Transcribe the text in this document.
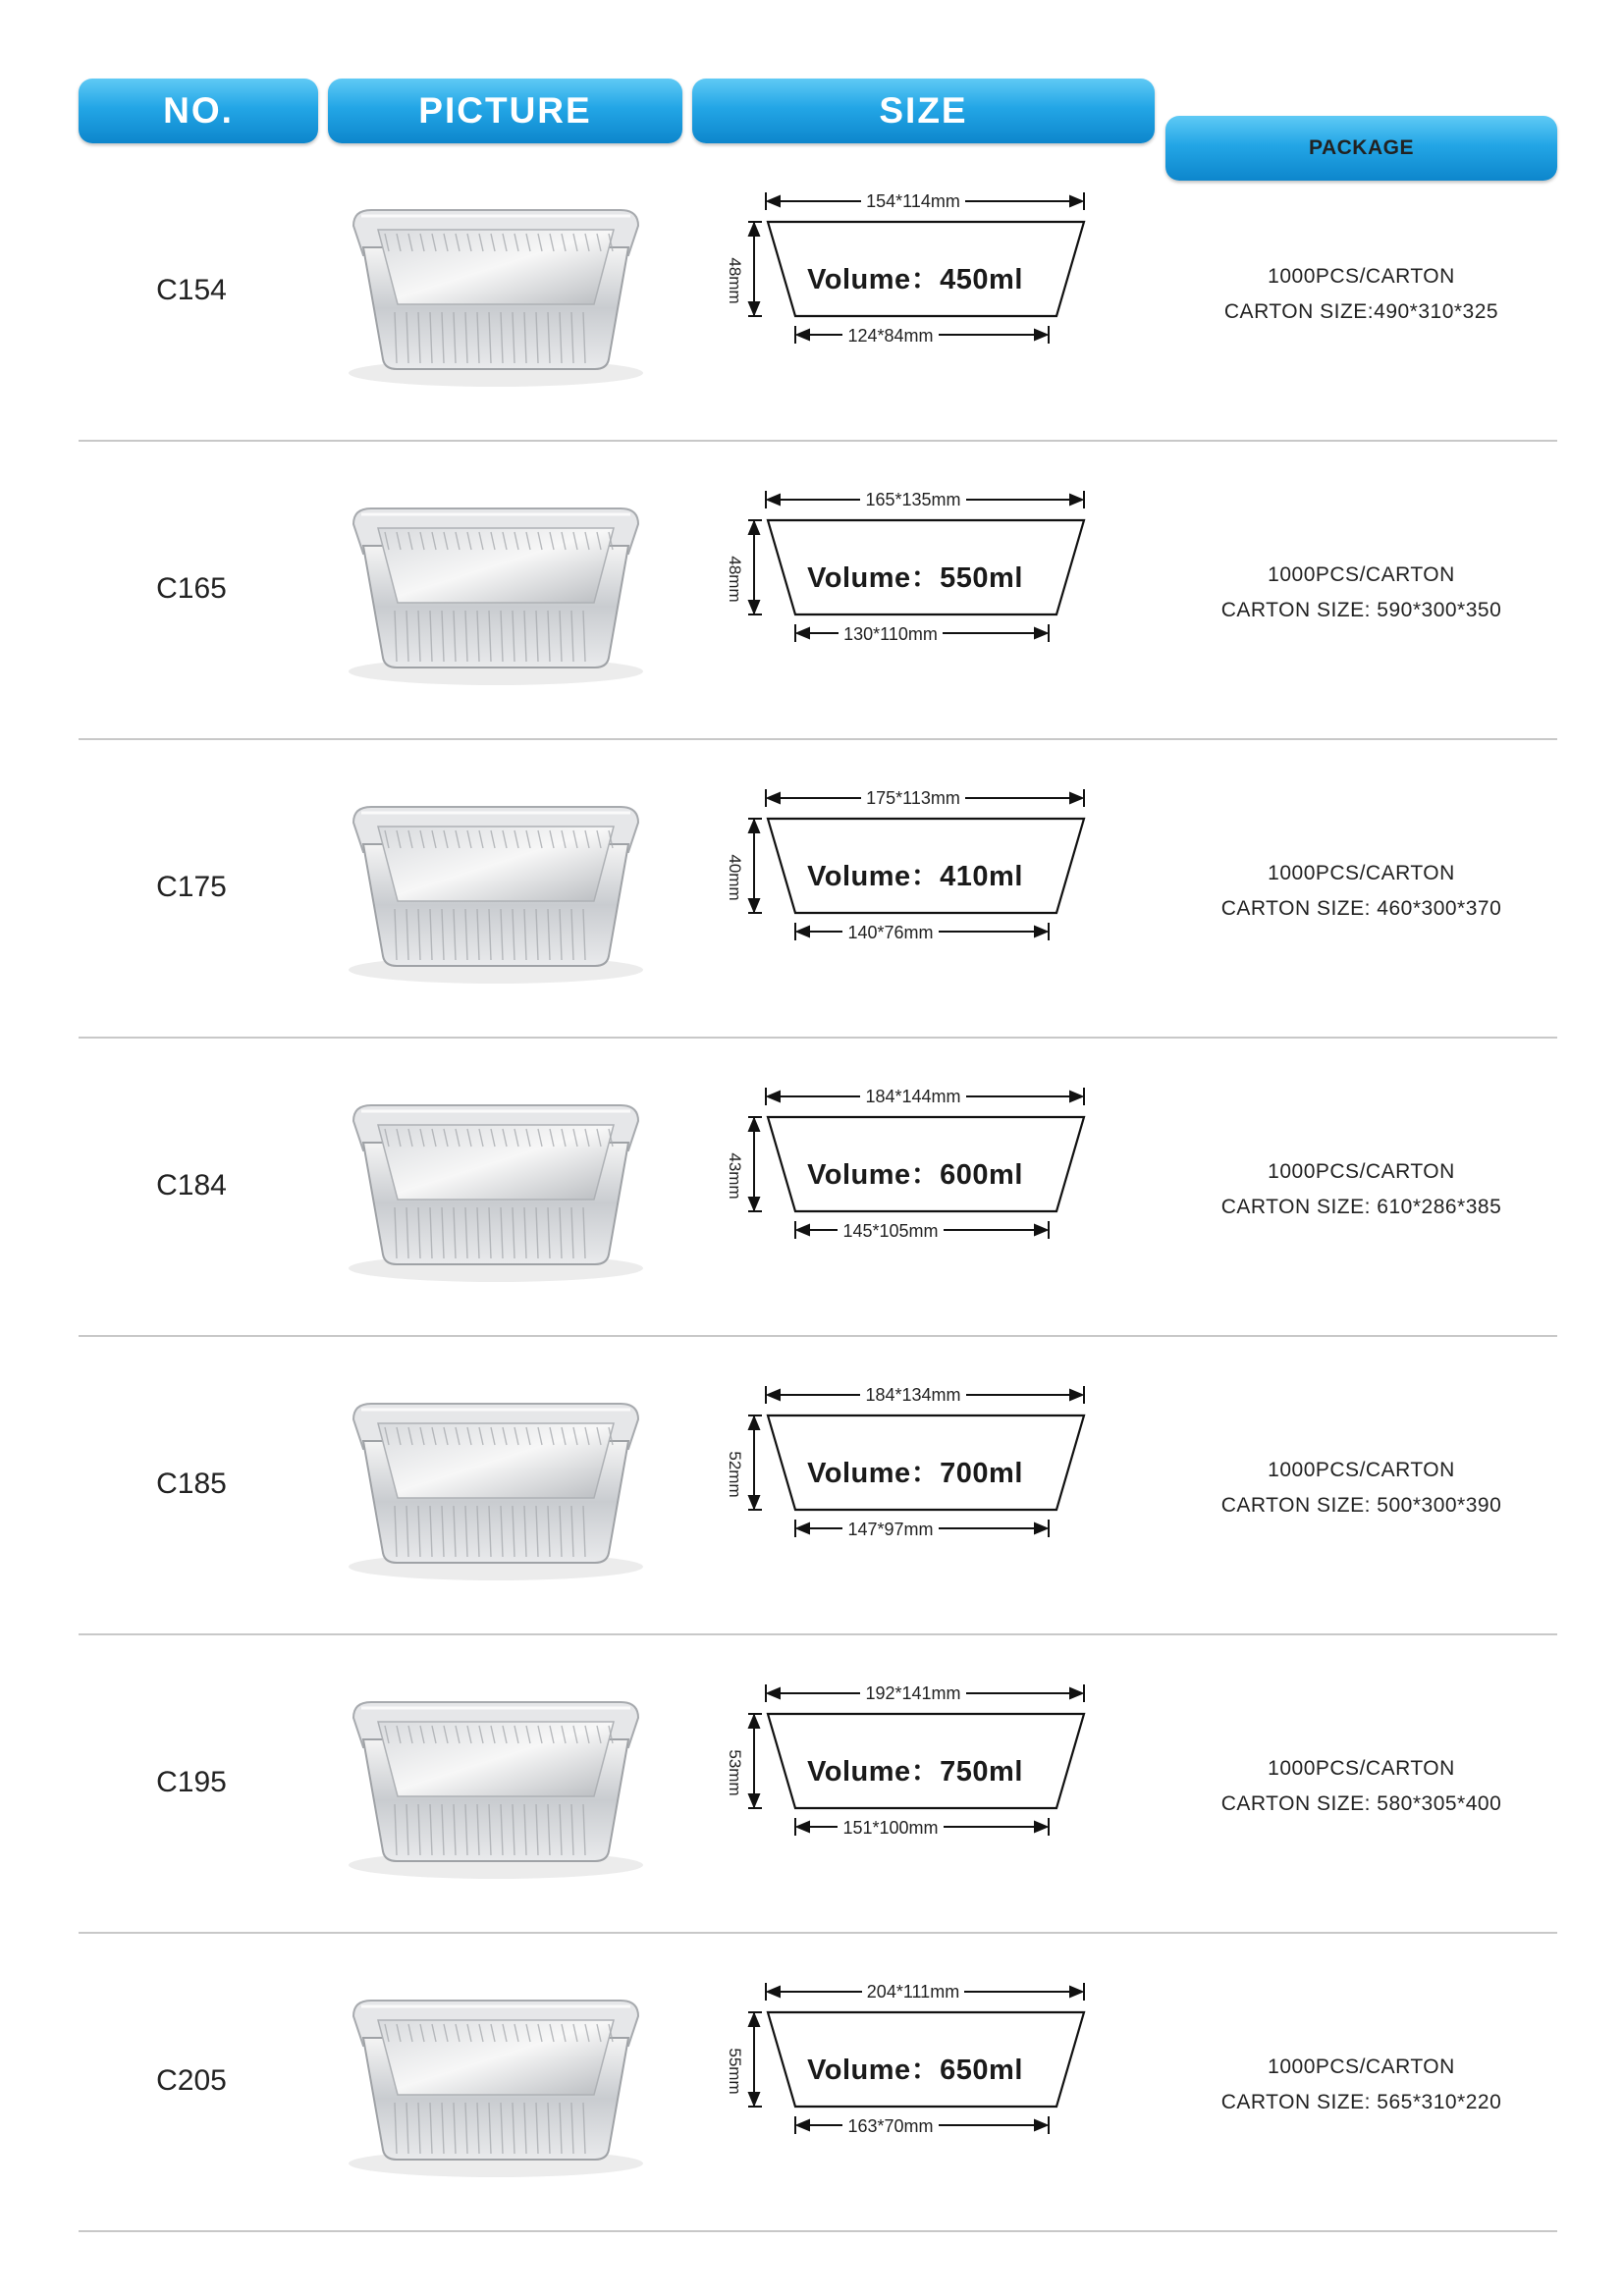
NO.	PICTURE	SIZE
PACKAGE
C154
154*114mm
Volume：450ml
48mm
124*84mm
1000PCS/CARTON
CARTON SIZE:490*310*325
C165
165*135mm
Volume：550ml
48mm
130*110mm
1000PCS/CARTON
CARTON SIZE: 590*300*350
C175
175*113mm
Volume：410ml
40mm
140*76mm
1000PCS/CARTON
CARTON SIZE: 460*300*370
C184
184*144mm
Volume：600ml
43mm
145*105mm
1000PCS/CARTON
CARTON SIZE: 610*286*385
C185
184*134mm
Volume：700ml
52mm
147*97mm
1000PCS/CARTON
CARTON SIZE: 500*300*390
C195
192*141mm
Volume：750ml
53mm
151*100mm
1000PCS/CARTON
CARTON SIZE: 580*305*400
C205
204*111mm
Volume：650ml
55mm
163*70mm
1000PCS/CARTON
CARTON SIZE: 565*310*220
